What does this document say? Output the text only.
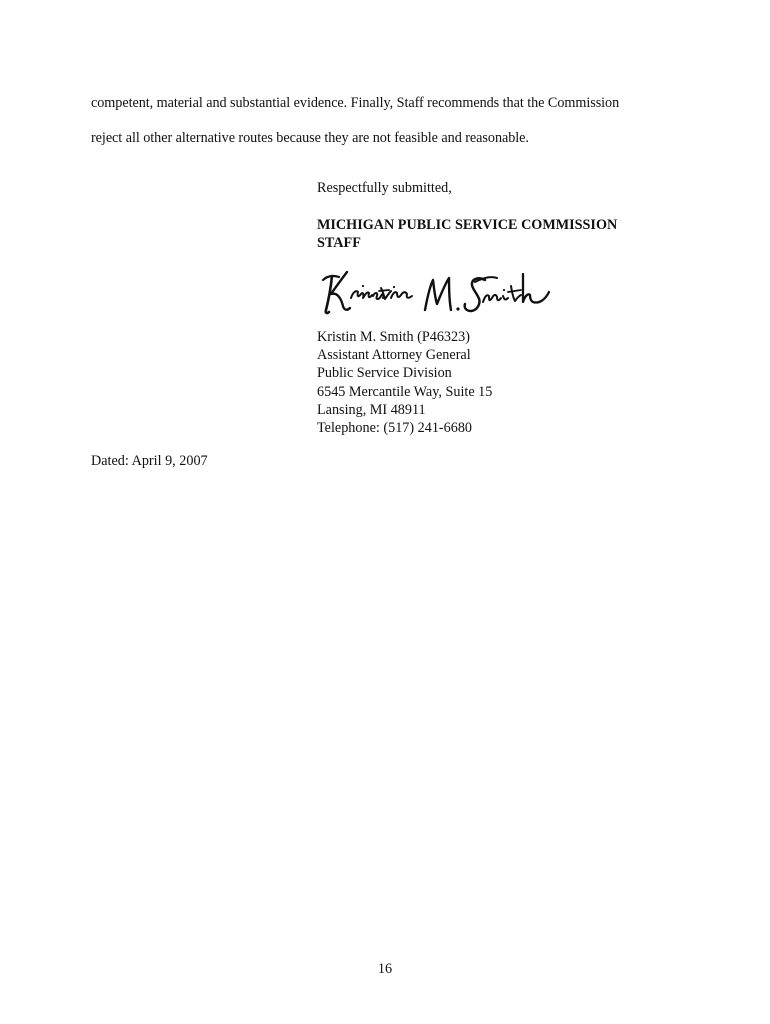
competent, material and substantial evidence. Finally, Staff recommends that the Commission
reject all other alternative routes because they are not feasible and reasonable.
Respectfully submitted,
MICHIGAN PUBLIC SERVICE COMMISSION
STAFF
Kristin M. Smith (P46323)
Assistant Attorney General
Public Service Division
6545 Mercantile Way, Suite 15
Lansing, MI 48911
Telephone: (517) 241-6680
Dated: April 9, 2007
16
